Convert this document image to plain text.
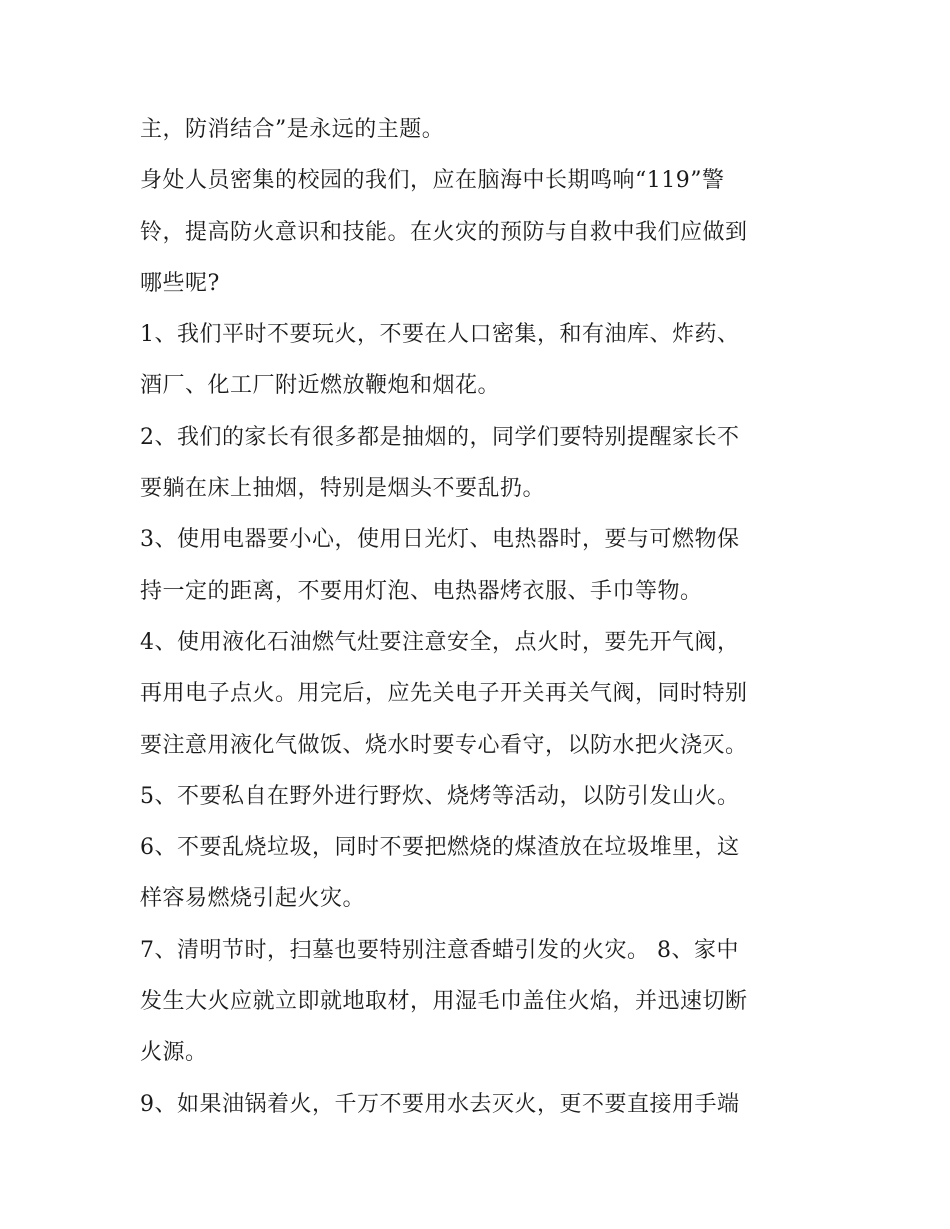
主，防消结合”是永远的主题。
身处人员密集的校园的我们，应在脑海中长期鸣响“119”警
铃，提高防火意识和技能。在火灾的预防与自救中我们应做到
哪些呢?
1、我们平时不要玩火，不要在人口密集，和有油库、炸药、
酒厂、化工厂附近燃放鞭炮和烟花。
2、我们的家长有很多都是抽烟的，同学们要特别提醒家长不
要躺在床上抽烟，特别是烟头不要乱扔。
3、使用电器要小心，使用日光灯、电热器时，要与可燃物保
持一定的距离，不要用灯泡、电热器烤衣服、手巾等物。
4、使用液化石油燃气灶要注意安全，点火时，要先开气阀，
再用电子点火。用完后，应先关电子开关再关气阀，同时特别
要注意用液化气做饭、烧水时要专心看守，以防水把火浇灭。
5、不要私自在野外进行野炊、烧烤等活动，以防引发山火。
6、不要乱烧垃圾，同时不要把燃烧的煤渣放在垃圾堆里，这
样容易燃烧引起火灾。
7、清明节时，扫墓也要特别注意香蜡引发的火灾。 8、家中
发生大火应就立即就地取材，用湿毛巾盖住火焰，并迅速切断
火源。
9、如果油锅着火，千万不要用水去灭火，更不要直接用手端
